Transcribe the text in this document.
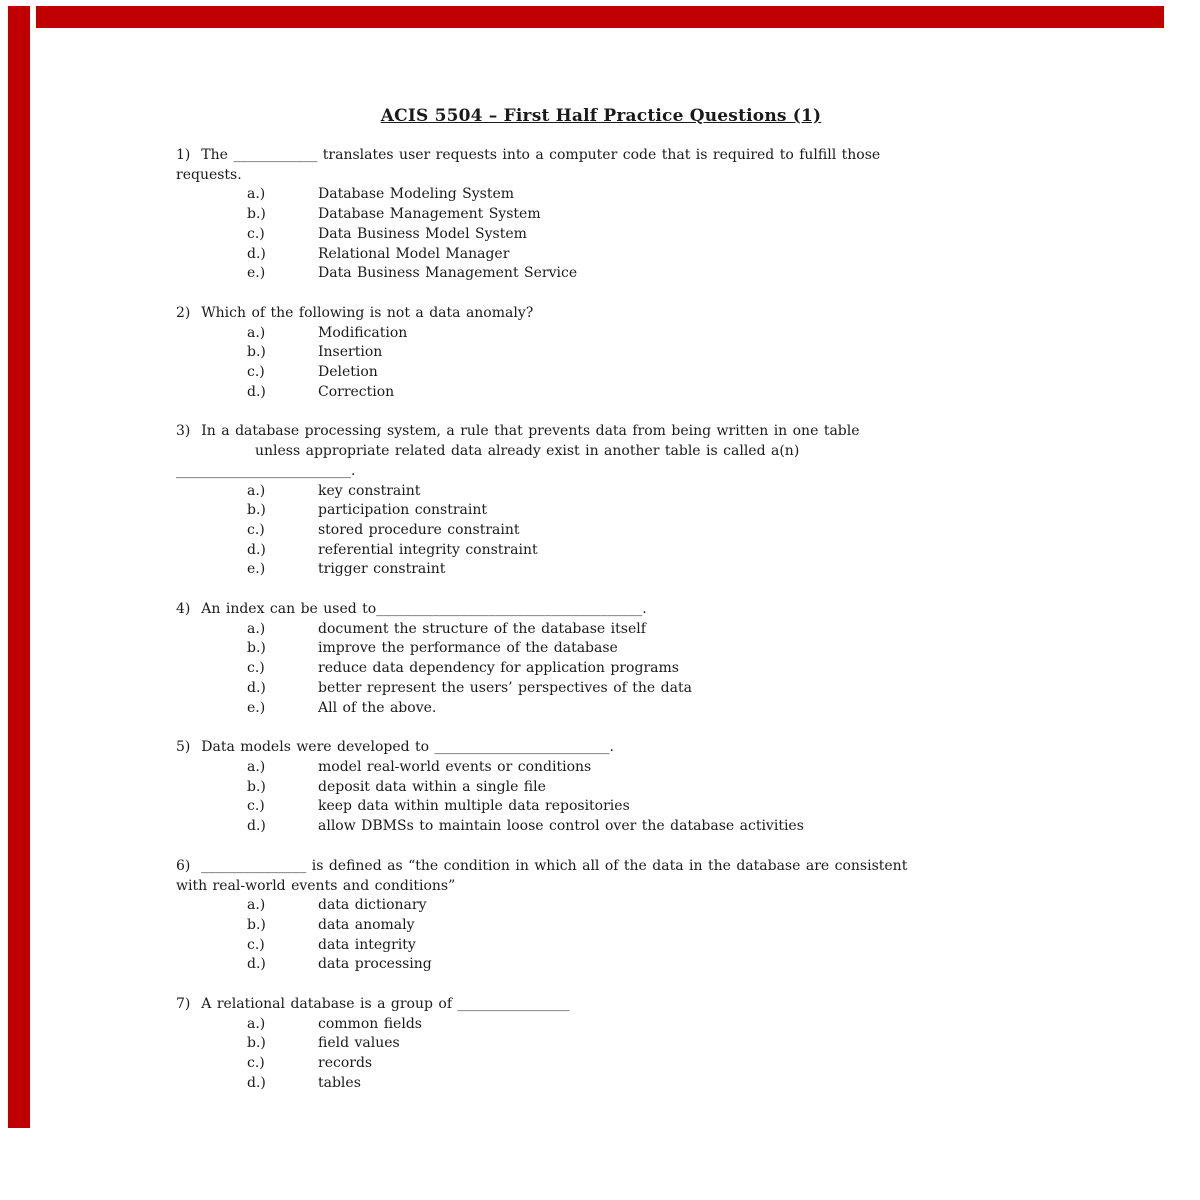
ACIS 5504 – First Half Practice Questions (1)
1)  The ____________ translates user requests into a computer code that is required to fulfill those
requests.
a.)	Database Modeling System
b.)	Database Management System
c.)	Data Business Model System
d.)	Relational Model Manager
e.)	Data Business Management Service
2)  Which of the following is not a data anomaly?
a.)	Modification
b.)	Insertion
c.)	Deletion
d.)	Correction
3)  In a database processing system, a rule that prevents data from being written in one table
unless appropriate related data already exist in another table is called a(n)
_________________________.
a.)	key constraint
b.)	participation constraint
c.)	stored procedure constraint
d.)	referential integrity constraint
e.)	trigger constraint
4)  An index can be used to______________________________________.
a.)	document the structure of the database itself
b.)	improve the performance of the database
c.)	reduce data dependency for application programs
d.)	better represent the users’ perspectives of the data
e.)	All of the above.
5)  Data models were developed to _________________________.
a.)	model real-world events or conditions
b.)	deposit data within a single file
c.)	keep data within multiple data repositories
d.)	allow DBMSs to maintain loose control over the database activities
6)  _______________ is defined as “the condition in which all of the data in the database are consistent
with real-world events and conditions”
a.)	data dictionary
b.)	data anomaly
c.)	data integrity
d.)	data processing
7)  A relational database is a group of ________________
a.)	common fields
b.)	field values
c.)	records
d.)	tables
